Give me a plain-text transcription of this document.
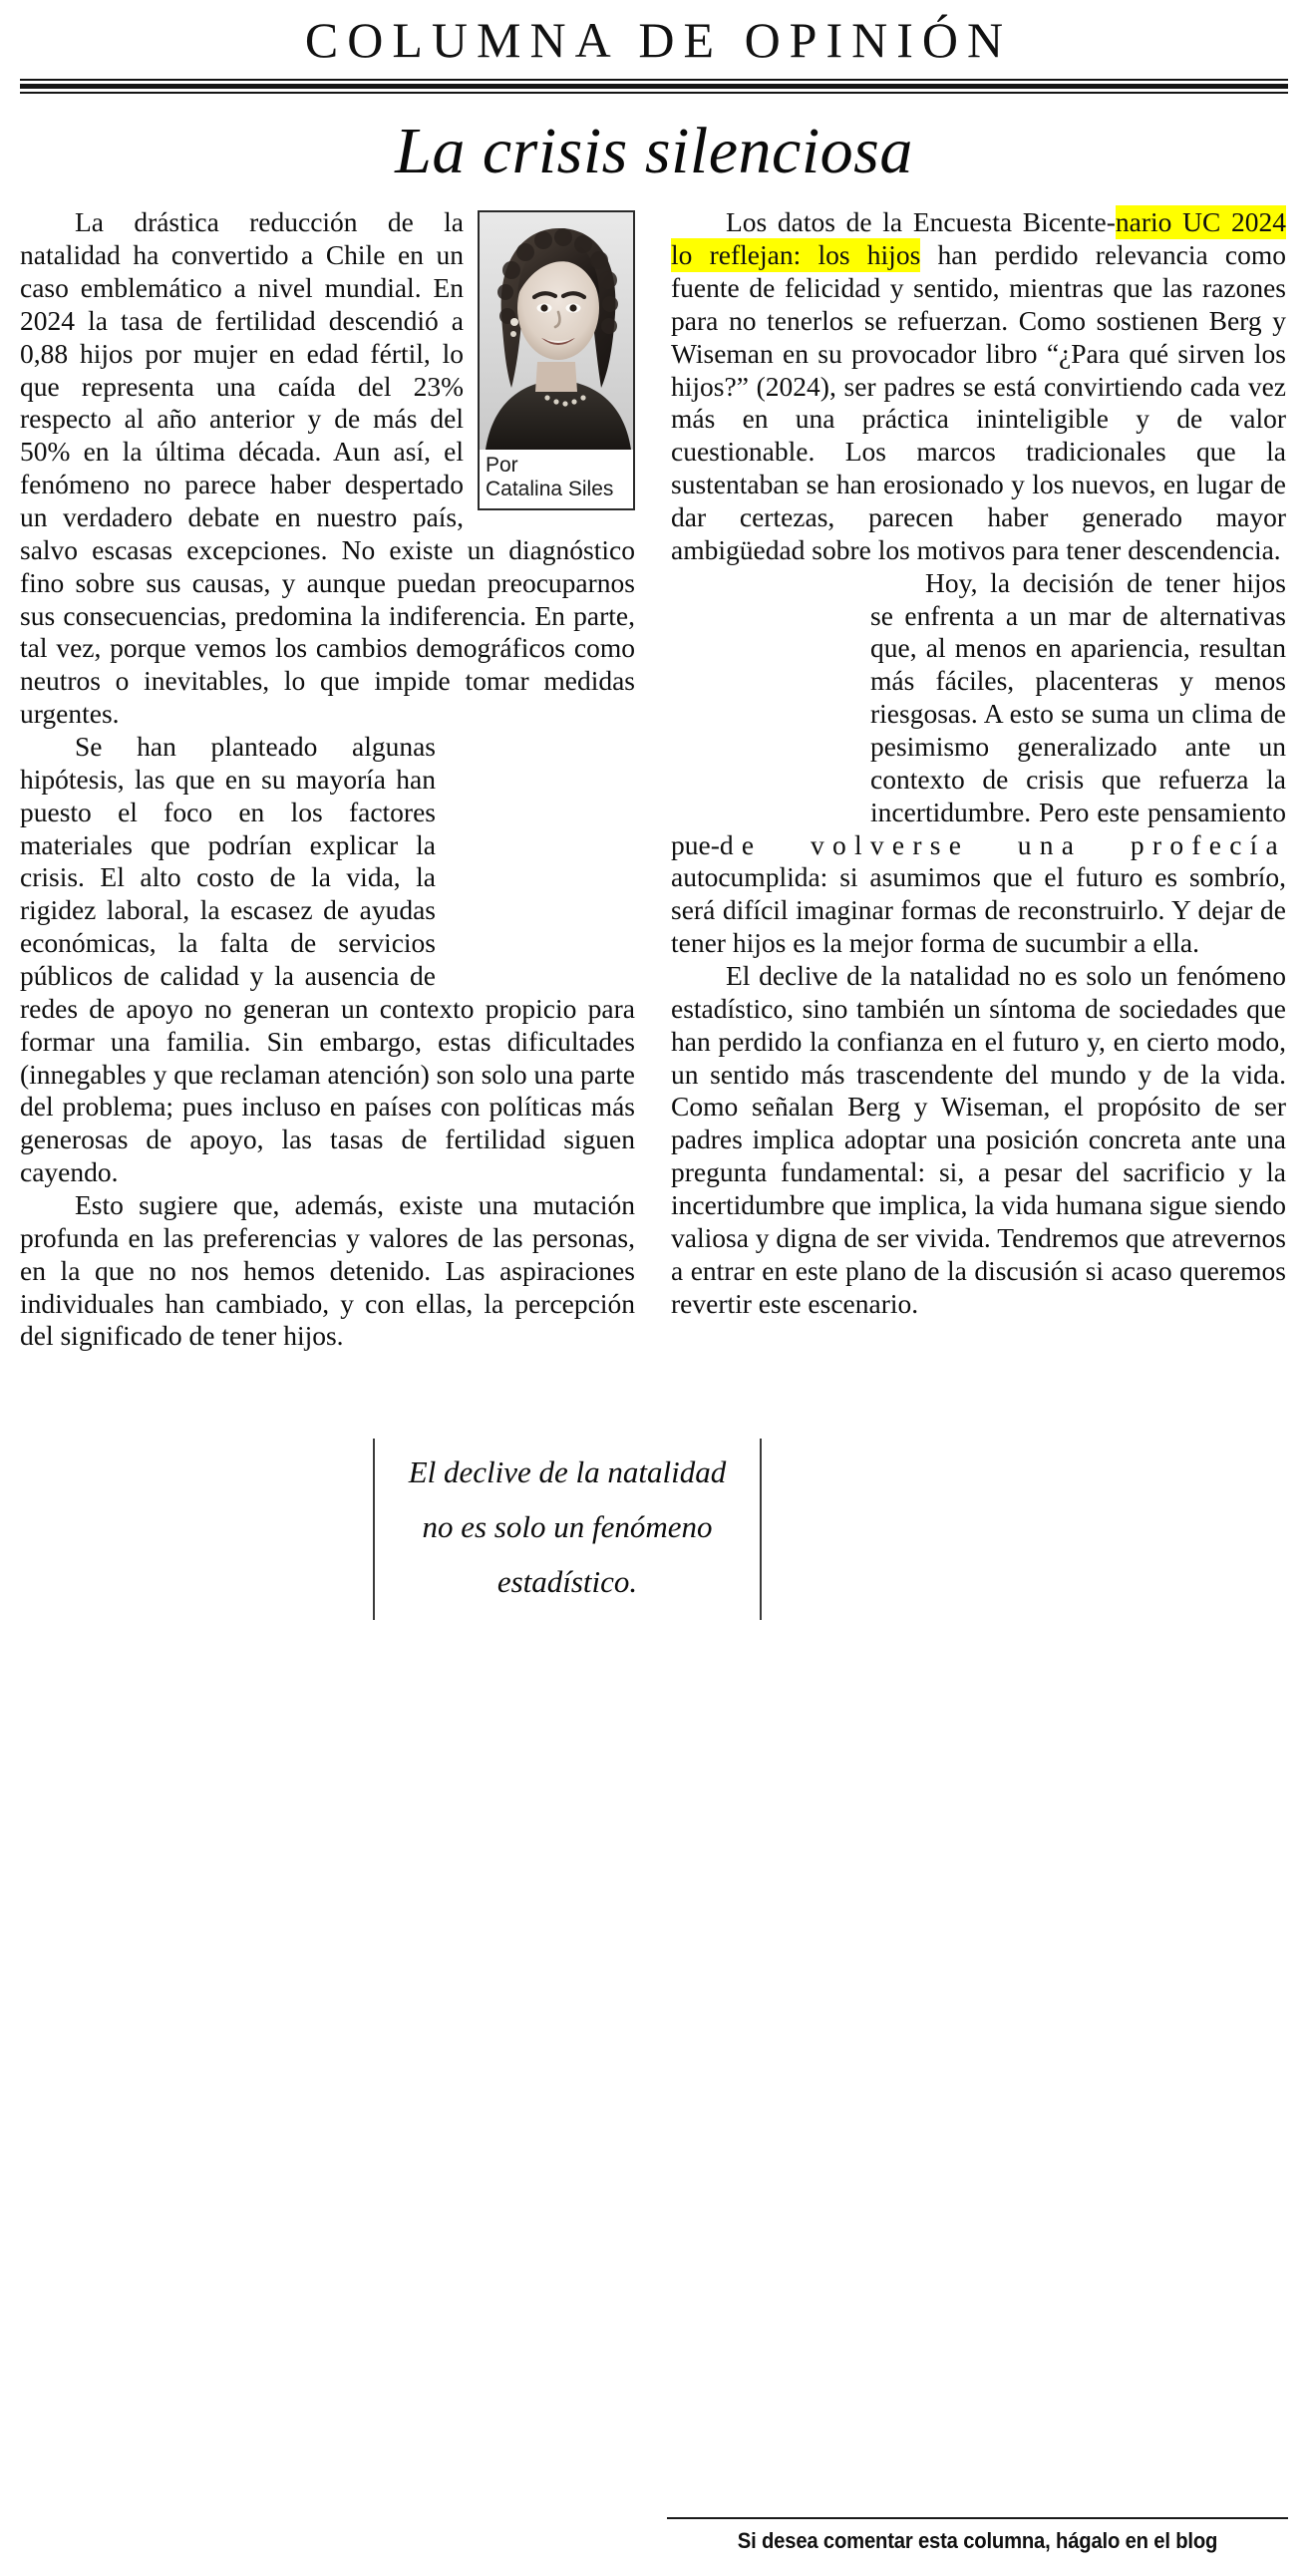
COLUMNA DE OPINIÓN
La crisis silenciosa
Por
Catalina Siles

La drástica reducción de la natalidad ha convertido a Chile en un caso emblemático a nivel mundial. En 2024 la tasa de fertilidad descendió a 0,88 hijos por mujer en edad fértil, lo que representa una caída del 23% respecto al año anterior y de más del 50% en la última década. Aun así, el fenómeno no parece haber despertado un verdadero debate en nuestro país, salvo escasas excepciones. No existe un diagnóstico fino sobre sus causas, y aunque puedan preocuparnos sus consecuencias, predomina la indiferencia. En parte, tal vez, porque vemos los cambios demográficos como neutros o inevitables, lo que impide tomar medidas urgentes.

Se han planteado algunas hipótesis, las que en su mayoría han puesto el foco en los factores materiales que podrían explicar la crisis. El alto costo de la vida, la rigidez laboral, la escasez de ayudas económicas, la falta de servicios públicos de calidad y la ausencia de redes de apoyo no generan un contexto propicio para formar una familia. Sin embargo, estas dificultades (innegables y que reclaman atención) son solo una parte del problema; pues incluso en países con políticas más generosas de apoyo, las tasas de fertilidad siguen cayendo.

Esto sugiere que, además, existe una mutación profunda en las preferencias y valores de las personas, en la que no nos hemos detenido. Las aspiraciones individuales han cambiado, y con ellas, la percepción del significado de tener hijos.

Los datos de la Encuesta Bicente-nario UC 2024 lo reflejan: los hijos han perdido relevancia como fuente de felicidad y sentido, mientras que las razones para no tenerlos se refuerzan. Como sostienen Berg y Wiseman en su provocador libro “¿Para qué sirven los hijos?” (2024), ser padres se está convirtiendo cada vez más en una práctica ininteligible y de valor cuestionable. Los marcos tradicionales que la sustentaban se han erosionado y los nuevos, en lugar de dar certezas, parecen haber generado mayor ambigüedad sobre los motivos para tener descendencia.

Hoy, la decisión de tener hijos se enfrenta a un mar de alternativas que, al menos en apariencia, resultan más fáciles, placenteras y menos riesgosas. A esto se suma un clima de pesimismo generalizado ante un contexto de crisis que refuerza la incertidumbre. Pero este pensamiento pue-de volverse una profecía autocumplida: si asumimos que el futuro es sombrío, será difícil imaginar formas de reconstruirlo. Y dejar de tener hijos es la mejor forma de sucumbir a ella.

El declive de la natalidad no es solo un fenómeno estadístico, sino también un síntoma de sociedades que han perdido la confianza en el futuro y, en cierto modo, un sentido más trascendente del mundo y de la vida. Como señalan Berg y Wiseman, el propósito de ser padres implica adoptar una posición concreta ante una pregunta fundamental: si, a pesar del sacrificio y la incertidumbre que implica, la vida humana sigue siendo valiosa y digna de ser vivida. Tendremos que atrevernos a entrar en este plano de la discusión si acaso queremos revertir este escenario.

El declive de la natalidad
no es solo un fenómeno
estadístico.
Si desea comentar esta columna, hágalo en el blog
